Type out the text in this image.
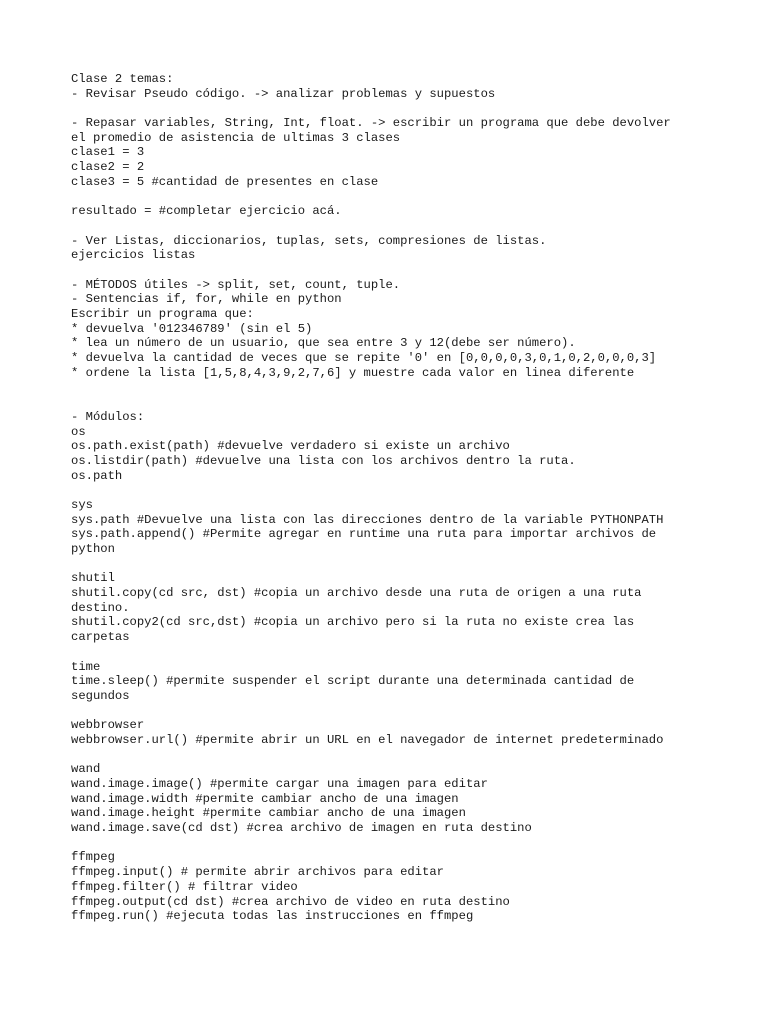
Clase 2 temas:
- Revisar Pseudo código. -> analizar problemas y supuestos
- Repasar variables, String, Int, float. -> escribir un programa que debe devolver
el promedio de asistencia de ultimas 3 clases
clase1 = 3
clase2 = 2
clase3 = 5 #cantidad de presentes en clase
resultado = #completar ejercicio acá.
- Ver Listas, diccionarios, tuplas, sets, compresiones de listas.
ejercicios listas
- MÉTODOS útiles -> split, set, count, tuple.
- Sentencias if, for, while en python
Escribir un programa que:
* devuelva '012346789' (sin el 5)
* lea un número de un usuario, que sea entre 3 y 12(debe ser número).
* devuelva la cantidad de veces que se repite '0' en [0,0,0,0,3,0,1,0,2,0,0,0,3]
* ordene la lista [1,5,8,4,3,9,2,7,6] y muestre cada valor en linea diferente
- Módulos:
os
os.path.exist(path) #devuelve verdadero si existe un archivo
os.listdir(path) #devuelve una lista con los archivos dentro la ruta.
os.path
sys
sys.path #Devuelve una lista con las direcciones dentro de la variable PYTHONPATH
sys.path.append() #Permite agregar en runtime una ruta para importar archivos de
python
shutil
shutil.copy(cd src, dst) #copia un archivo desde una ruta de origen a una ruta
destino.
shutil.copy2(cd src,dst) #copia un archivo pero si la ruta no existe crea las
carpetas
time
time.sleep() #permite suspender el script durante una determinada cantidad de
segundos
webbrowser
webbrowser.url() #permite abrir un URL en el navegador de internet predeterminado
wand
wand.image.image() #permite cargar una imagen para editar
wand.image.width #permite cambiar ancho de una imagen
wand.image.height #permite cambiar ancho de una imagen
wand.image.save(cd dst) #crea archivo de imagen en ruta destino
ffmpeg
ffmpeg.input() # permite abrir archivos para editar
ffmpeg.filter() # filtrar video
ffmpeg.output(cd dst) #crea archivo de video en ruta destino
ffmpeg.run() #ejecuta todas las instrucciones en ffmpeg
